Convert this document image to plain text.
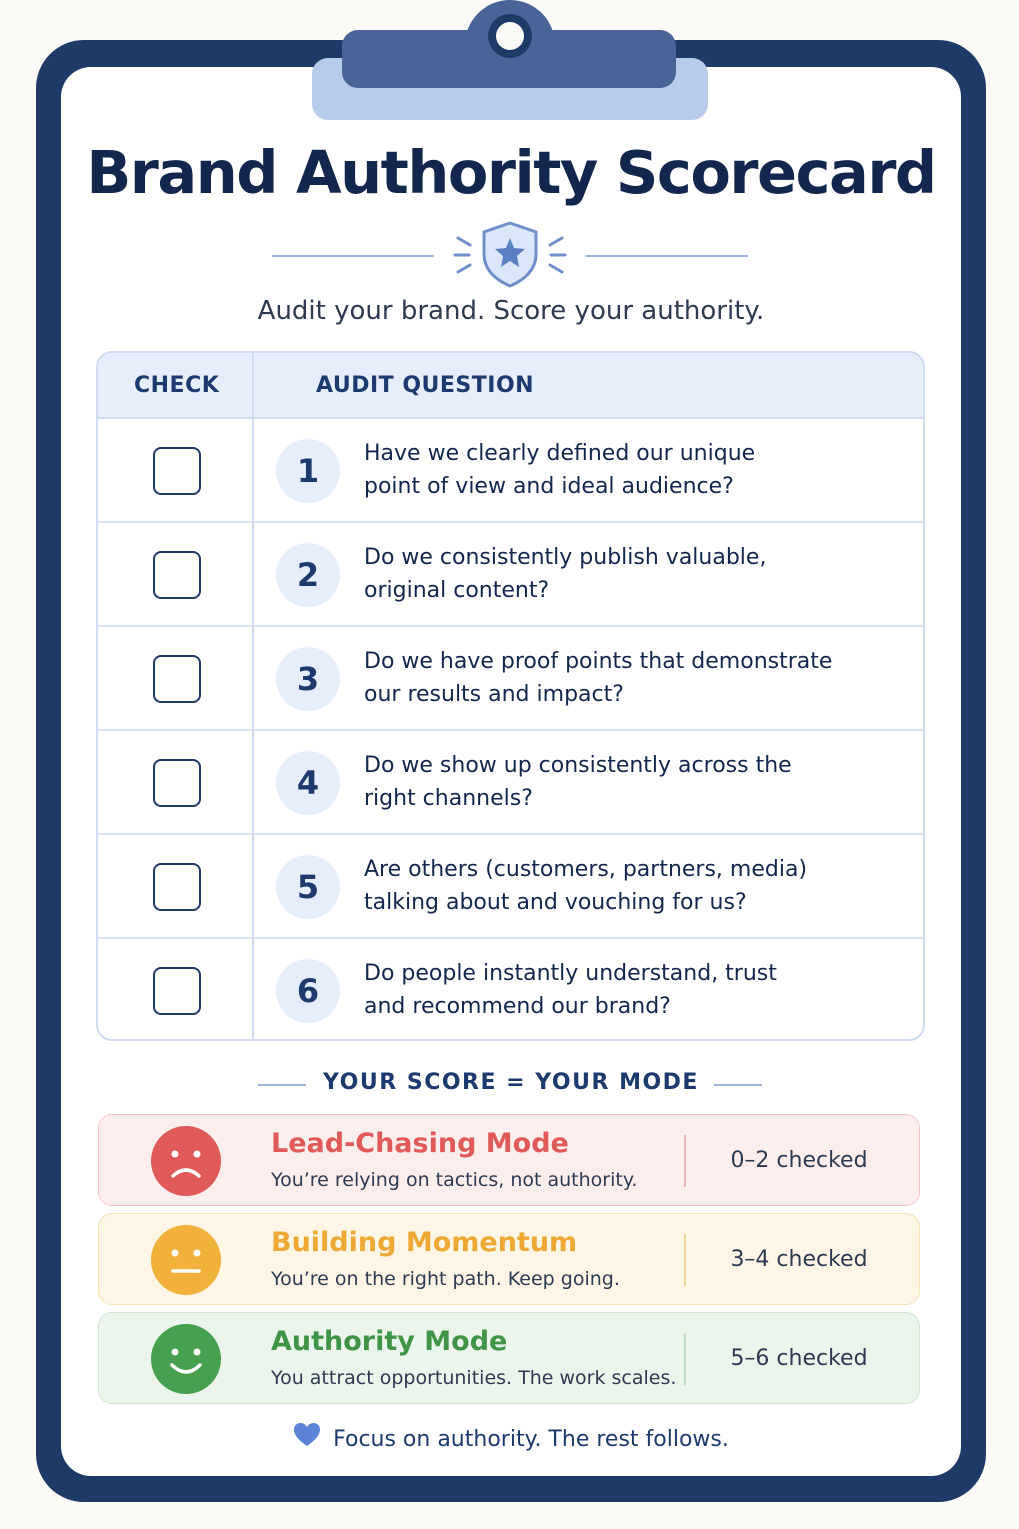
Brand Authority Scorecard
Audit your brand. Score your authority.
CHECK	AUDIT QUESTION
1	Have we clearly defined our unique
point of view and ideal audience?
2	Do we consistently publish valuable,
original content?
3	Do we have proof points that demonstrate
our results and impact?
4	Do we show up consistently across the
right channels?
5	Are others (customers, partners, media)
talking about and vouching for us?
6	Do people instantly understand, trust
and recommend our brand?
YOUR SCORE = YOUR MODE
Lead-Chasing Mode
You’re relying on tactics, not authority.
0–2 checked
Building Momentum
You’re on the right path. Keep going.
3–4 checked
Authority Mode
You attract opportunities. The work scales.
5–6 checked
Focus on authority. The rest follows.
